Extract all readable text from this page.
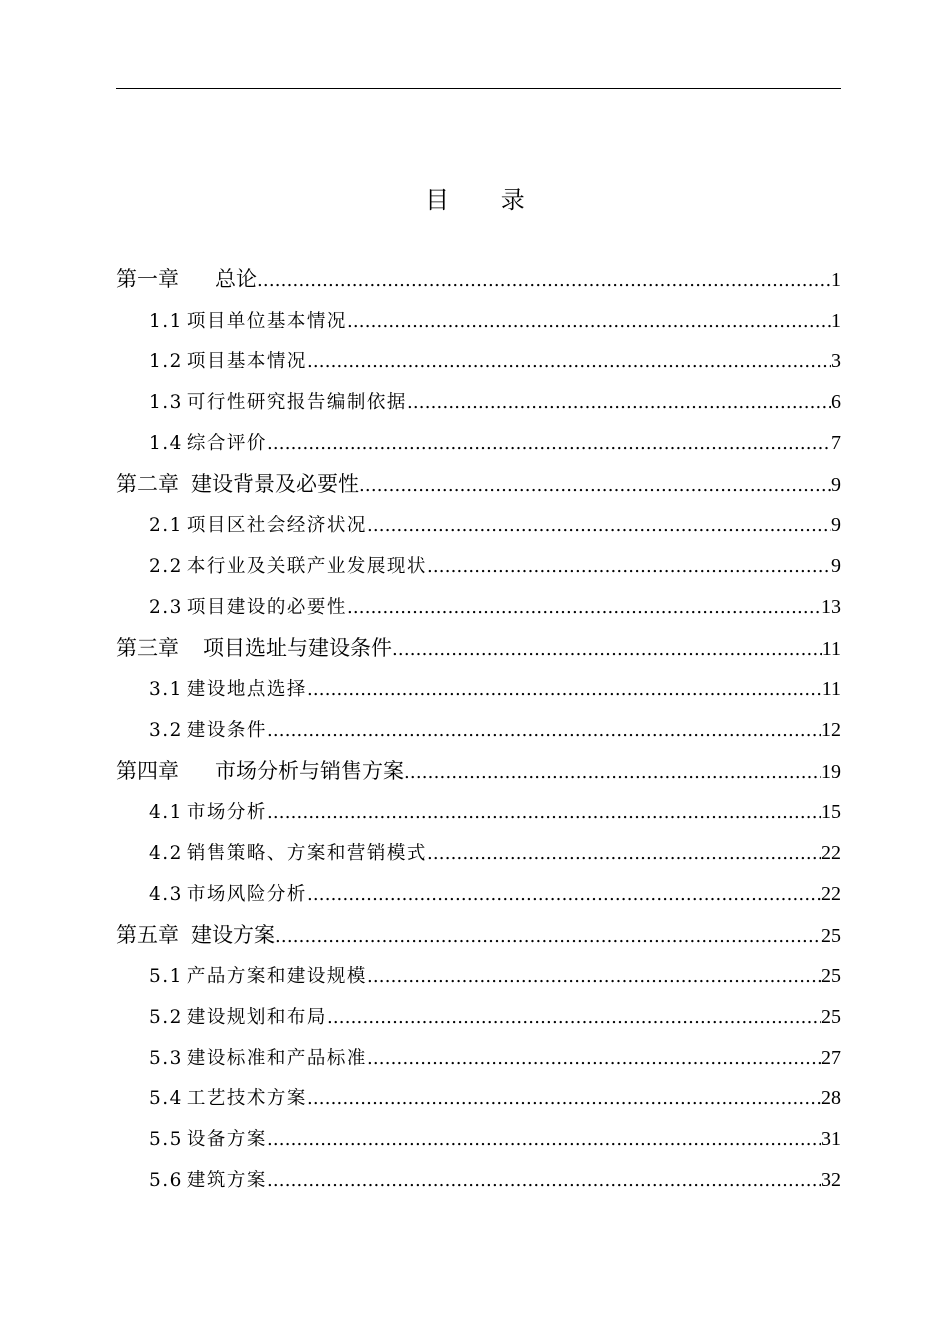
目 录
第一章	总论 .....	1
1.1 项目单位基本情况 .....	1
1.2 项目基本情况 .....	3
1.3 可行性研究报告编制依据 .....	6
1.4 综合评价 .....	7
第二章 建设背景及必要性 .....	9
2.1 项目区社会经济状况 .....	9
2.2 本行业及关联产业发展现状 .....	9
2.3 项目建设的必要性 .....	13
第三章	项目选址与建设条件 .....	11
3.1 建设地点选择 .....	11
3.2 建设条件 .....	12
第四章	市场分析与销售方案 .....	19
4.1 市场分析 .....	15
4.2 销售策略、方案和营销模式 .....	22
4.3 市场风险分析 .....	22
第五章 建设方案 .....	25
5.1 产品方案和建设规模 .....	25
5.2 建设规划和布局 .....	25
5.3 建设标准和产品标准 .....	27
5.4 工艺技术方案 .....	28
5.5 设备方案 .....	31
5.6 建筑方案 .....	32
